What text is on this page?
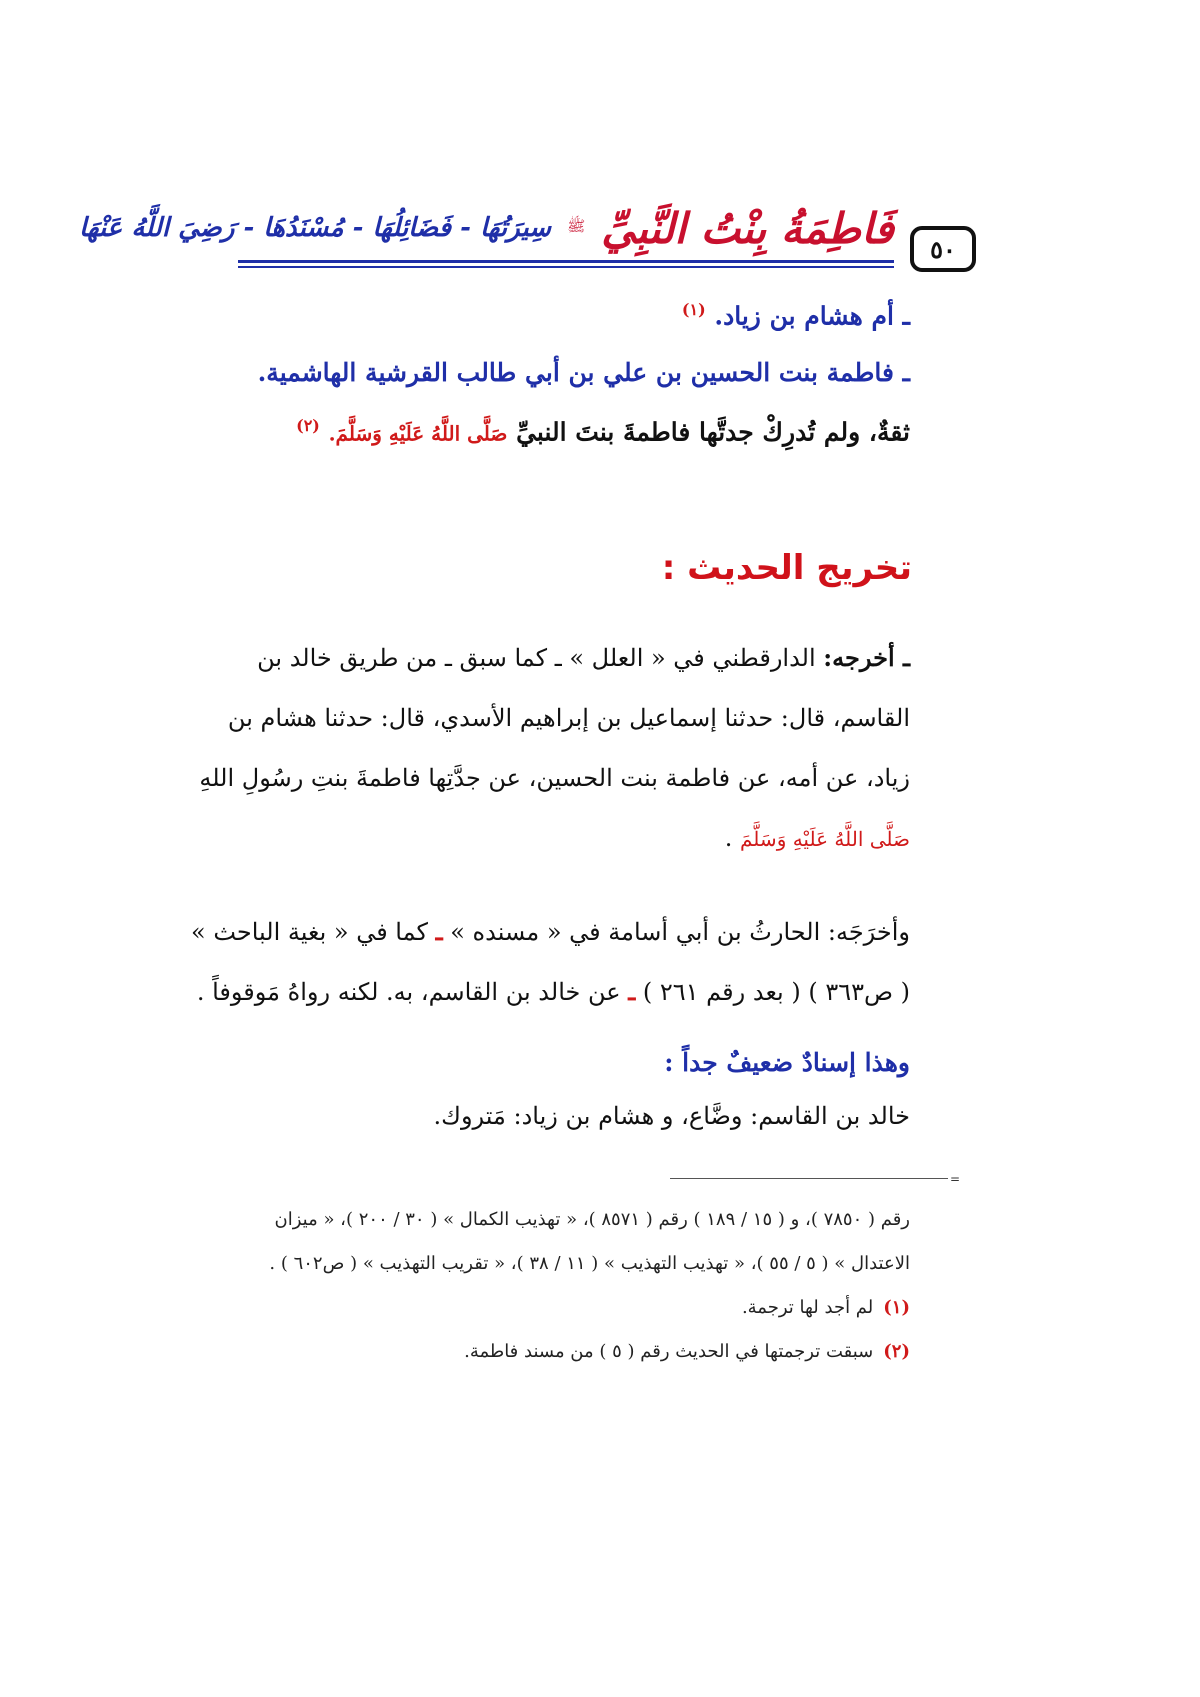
٥٠
فَاطِمَةُ بِنْتُ النَّبِيِّ
ﷺ
سِيرَتُهَا - فَضَائِلُهَا - مُسْنَدُهَا - رَضِيَ اللَّهُ عَنْهَا
ـ أم هشام بن زياد. $^{(١)}$
ـ فاطمة بنت الحسين بن علي بن أبي طالب القرشية الهاشمية.
ثقةٌ، ولم تُدرِكْ جدتَّها فاطمةَ بنتَ النبيِّ صَلَّى اللَّهُ عَلَيْهِ وَسَلَّمَ. $^{(٢)}$
تخريج الحديث :
ـ أخرجه: الدارقطني في « العلل » ـ كما سبق ـ من طريق خالد بن
القاسم، قال: حدثنا إسماعيل بن إبراهيم الأسدي، قال: حدثنا هشام بن
زياد، عن أمه، عن فاطمة بنت الحسين، عن جدَّتِها فاطمةَ بنتِ رسُولِ اللهِ
صَلَّى اللَّهُ عَلَيْهِ وَسَلَّمَ .
وأخرَجَه: الحارثُ بن أبي أسامة في « مسنده » ـ كما في « بغية الباحث »
( ص٣٦٣ ) ( بعد رقم ٢٦١ ) ـ عن خالد بن القاسم، به. لكنه رواهُ مَوقوفاً .
وهذا إسنادٌ ضعيفٌ جداً :
خالد بن القاسم: وضَّاع، و هشام بن زياد: مَتروك.
=
رقم ( ٧٨٥٠ )، و ( ١٥ / ١٨٩ ) رقم ( ٨٥٧١ )، « تهذيب الكمال » ( ٣٠ / ٢٠٠ )، « ميزان
الاعتدال » ( ٥ / ٥٥ )، « تهذيب التهذيب » ( ١١ / ٣٨ )، « تقريب التهذيب » ( ص٦٠٢ ) .
(١)لم أجد لها ترجمة.
(٢)سبقت ترجمتها في الحديث رقم ( ٥ ) من مسند فاطمة.
